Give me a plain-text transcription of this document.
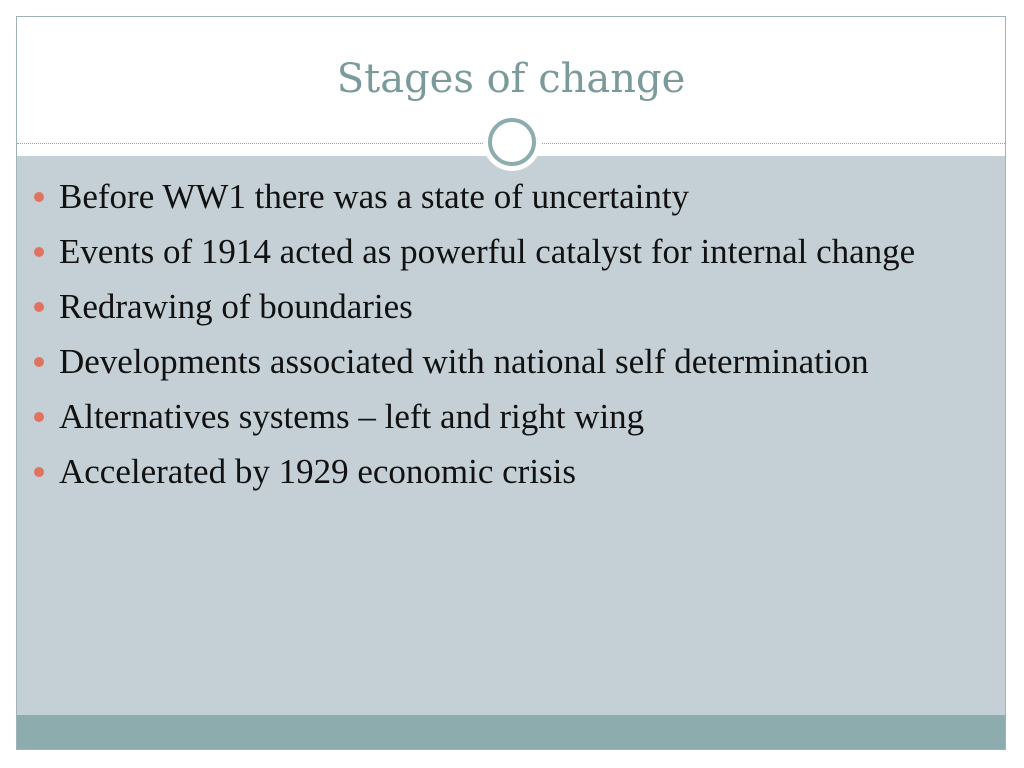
Stages of change
Before WW1 there was a state of uncertainty
Events of 1914 acted as powerful catalyst for internal change
Redrawing of boundaries
Developments associated with national self determination
Alternatives systems – left and right wing
Accelerated by 1929 economic crisis
